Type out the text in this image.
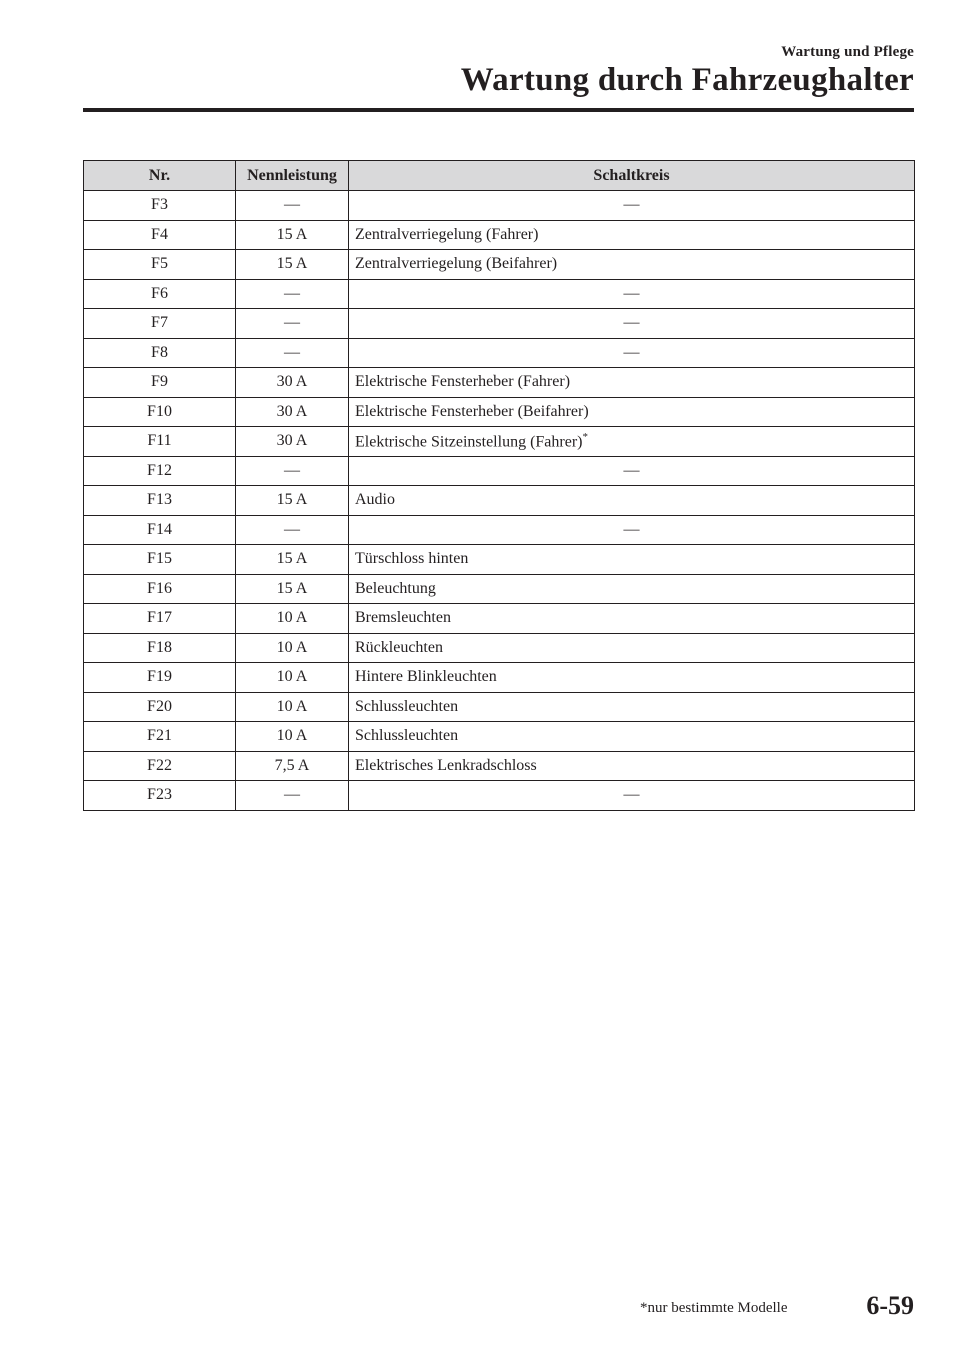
Wartung und Pflege
Wartung durch Fahrzeughalter
Nr.	Nennleistung	Schaltkreis
F3	―	―
F4	15 A	Zentralverriegelung (Fahrer)
F5	15 A	Zentralverriegelung (Beifahrer)
F6	―	―
F7	―	―
F8	―	―
F9	30 A	Elektrische Fensterheber (Fahrer)
F10	30 A	Elektrische Fensterheber (Beifahrer)
F11	30 A	Elektrische Sitzeinstellung (Fahrer)*
F12	―	―
F13	15 A	Audio
F14	―	―
F15	15 A	Türschloss hinten
F16	15 A	Beleuchtung
F17	10 A	Bremsleuchten
F18	10 A	Rückleuchten
F19	10 A	Hintere Blinkleuchten
F20	10 A	Schlussleuchten
F21	10 A	Schlussleuchten
F22	7,5 A	Elektrisches Lenkradschloss
F23	―	―
*nur bestimmte Modelle	6-59
